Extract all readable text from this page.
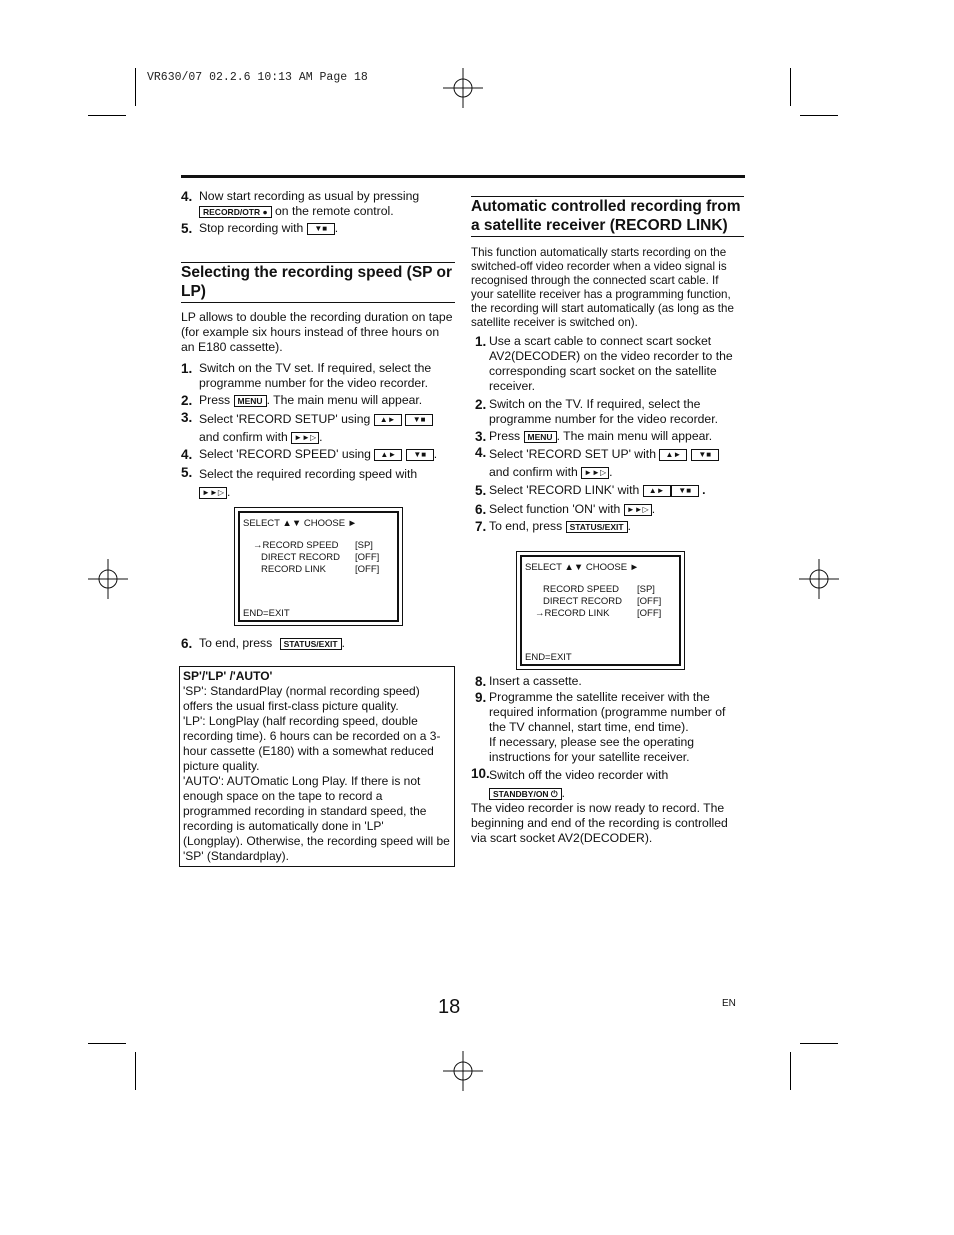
VR630/07 02.2.6 10:13 AM Page 18
4. Now start recording as usual by pressing
RECORD/OTR ● on the remote control.
5. Stop recording with ▼■ .
Selecting the recording speed (SP or LP)
LP allows to double the recording duration on tape (for example six hours instead of three hours on an E180 cassette).
1. Switch on the TV set. If required, select the programme number for the video recorder.
2. Press MENU . The main menu will appear.
3. Select 'RECORD SETUP' using ▲► ▼■
and confirm with ►►▷ .
4. Select 'RECORD SPEED' using ▲► ▼■ .
5. Select the required recording speed with
►►▷ .
SELECT ▲▼ CHOOSE ►
→RECORD SPEED [SP]
DIRECT RECORD [OFF]
RECORD LINK	[OFF]
END=EXIT
6. To end, press STATUS/EXIT .
SP'/'LP' /'AUTO'
'SP': StandardPlay (normal recording speed) offers the usual first-class picture quality.
'LP': LongPlay (half recording speed, double recording time). 6 hours can be recorded on a 3-hour cassette (E180) with a somewhat reduced picture quality.
'AUTO': AUTOmatic Long Play. If there is not enough space on the tape to record a programmed recording in standard speed, the recording is automatically done in 'LP'
(Longplay). Otherwise, the recording speed will be 'SP' (Standardplay).
Automatic controlled recording from a satellite receiver (RECORD LINK)
This function automatically starts recording on the switched-off video recorder when a video signal is recognised through the connected scart cable. If your satellite receiver has a programming function, the recording will start automatically (as long as the satellite receiver is switched on).
1. Use a scart cable to connect scart socket AV2(DECODER) on the video recorder to the corresponding scart socket on the satellite receiver.
2. Switch on the TV. If required, select the programme number for the video recorder.
3. Press MENU . The main menu will appear.
4. Select 'RECORD SET UP' with ▲► ▼■
and confirm with ►►▷ .
5. Select 'RECORD LINK' with ▲► ▼■ .
6. Select function 'ON' with ►►▷ .
7. To end, press STATUS/EXIT .
SELECT ▲▼ CHOOSE ►
RECORD SPEED [SP]
DIRECT RECORD [OFF]
→RECORD LINK	[OFF]
END=EXIT
8. Insert a cassette.
9. Programme the satellite receiver with the required information (programme number of the TV channel, start time, end time).
If necessary, please see the operating instructions for your satellite receiver.
10. Switch off the video recorder with
STANDBY/ON ⏻ .
The video recorder is now ready to record. The beginning and end of the recording is controlled via scart socket AV2(DECODER).
18	EN
